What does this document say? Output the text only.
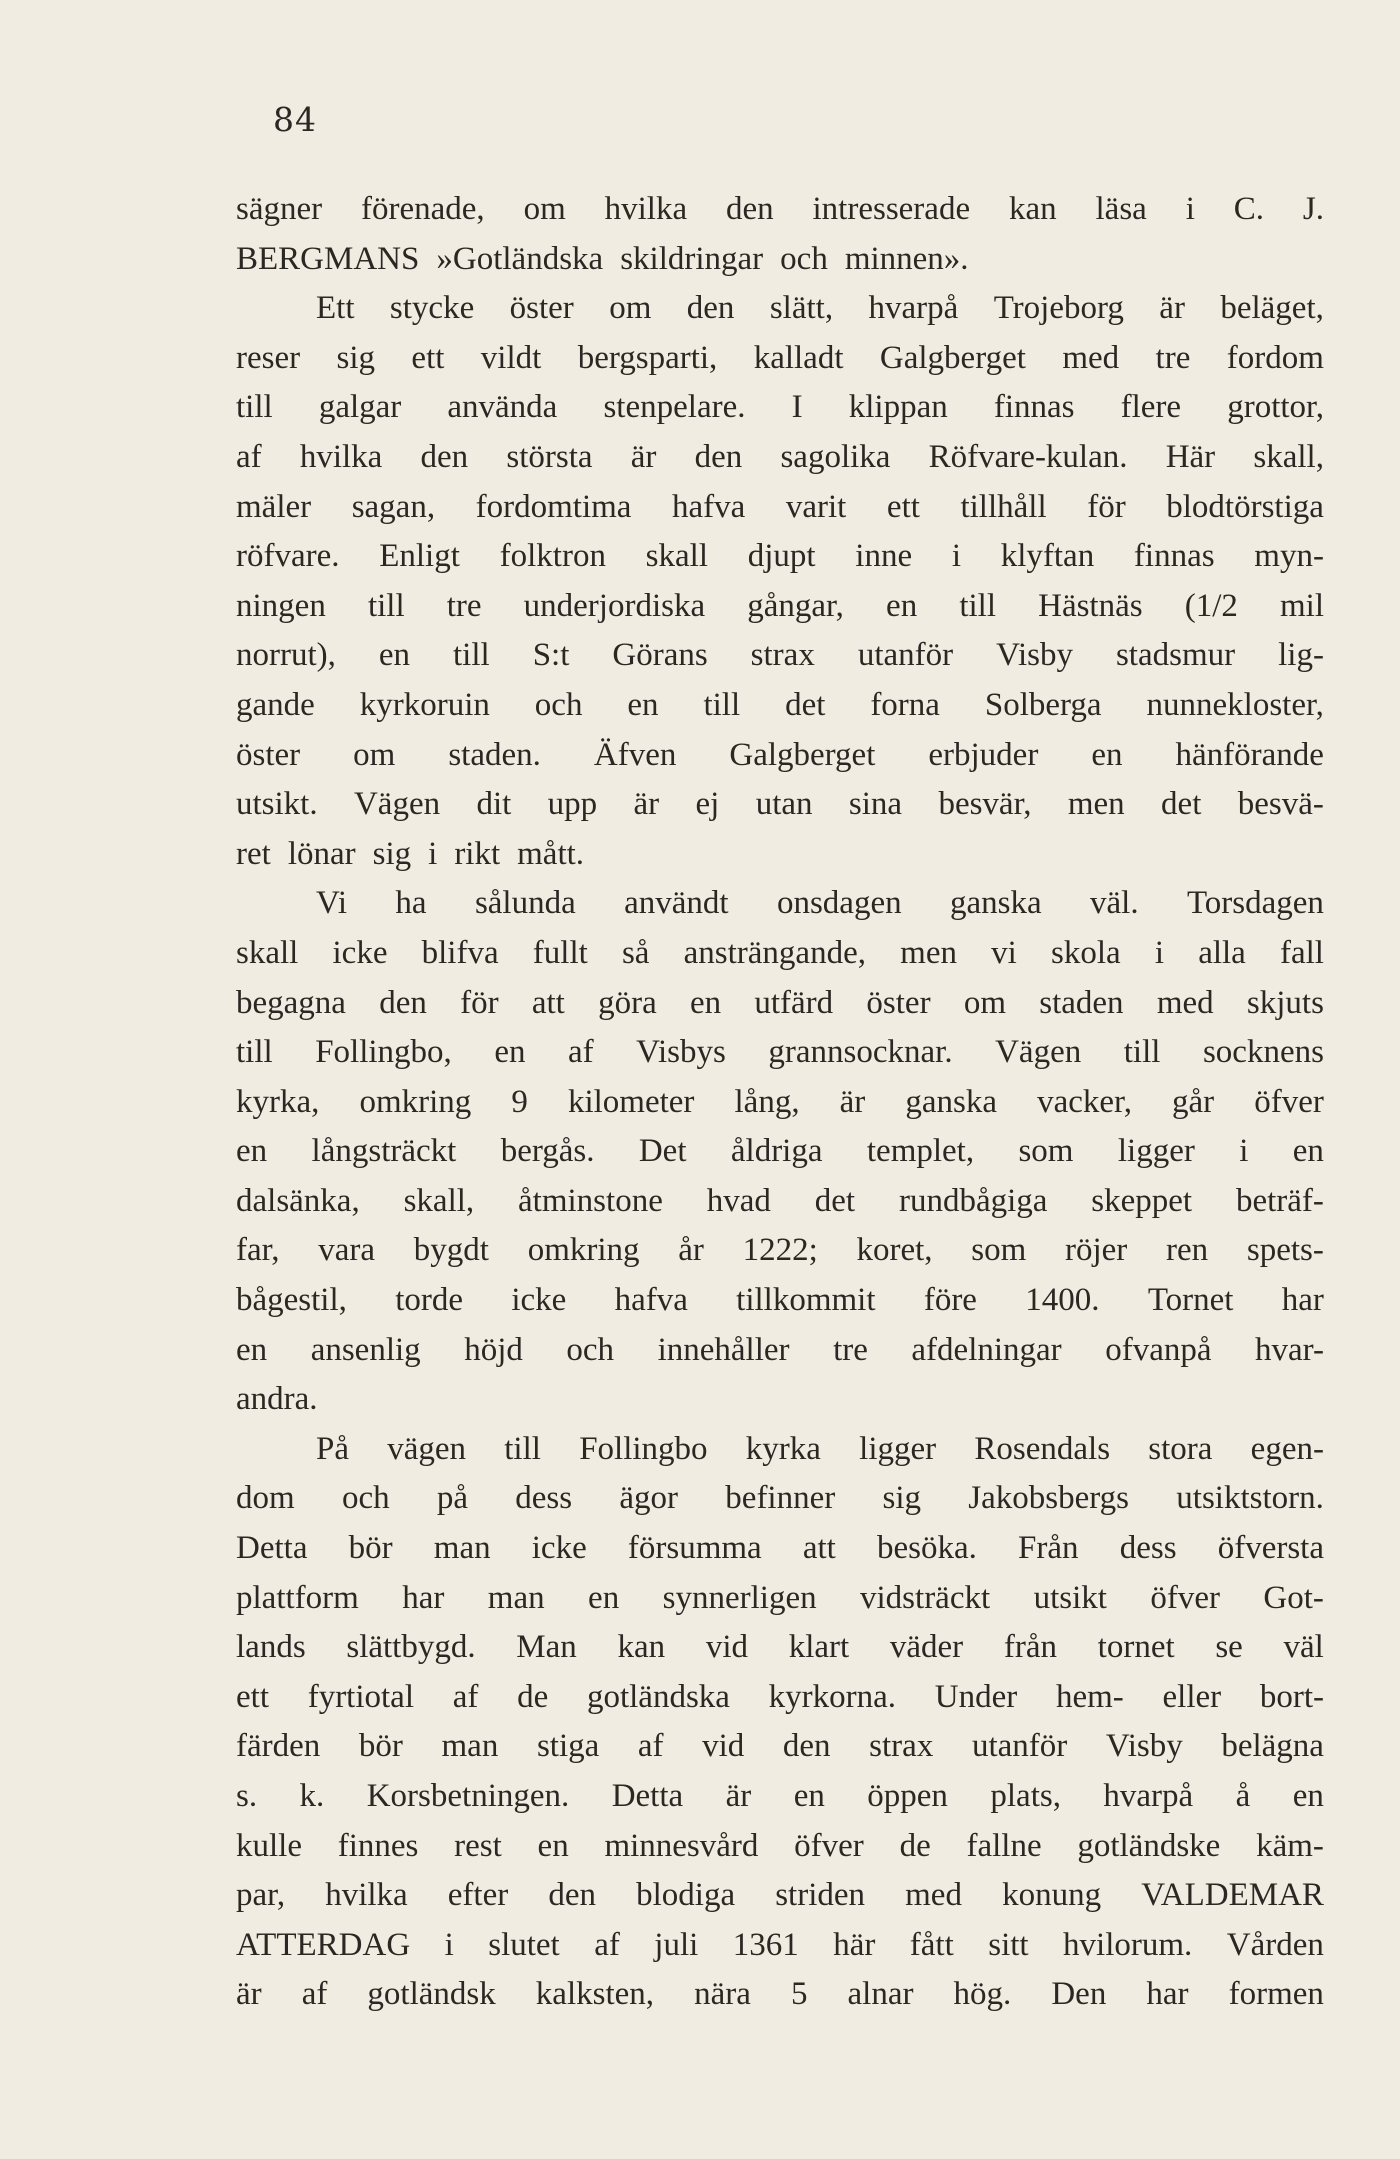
84
sägner förenade, om hvilka den intresserade kan läsa i C. J.
BERGMANS »Gotländska skildringar och minnen».
Ett stycke öster om den slätt, hvarpå Trojeborg är beläget,
reser sig ett vildt bergsparti, kalladt Galgberget med tre fordom
till galgar använda stenpelare. I klippan finnas flere grottor,
af hvilka den största är den sagolika Röfvare-kulan. Här skall,
mäler sagan, fordomtima hafva varit ett tillhåll för blodtörstiga
röfvare. Enligt folktron skall djupt inne i klyftan finnas myn-
ningen till tre underjordiska gångar, en till Hästnäs (1/2 mil
norrut), en till S:t Görans strax utanför Visby stadsmur lig-
gande kyrkoruin och en till det forna Solberga nunnekloster,
öster om staden. Äfven Galgberget erbjuder en hänförande
utsikt. Vägen dit upp är ej utan sina besvär, men det besvä-
ret lönar sig i rikt mått.
Vi ha sålunda användt onsdagen ganska väl. Torsdagen
skall icke blifva fullt så ansträngande, men vi skola i alla fall
begagna den för att göra en utfärd öster om staden med skjuts
till Follingbo, en af Visbys grannsocknar. Vägen till socknens
kyrka, omkring 9 kilometer lång, är ganska vacker, går öfver
en långsträckt bergås. Det åldriga templet, som ligger i en
dalsänka, skall, åtminstone hvad det rundbågiga skeppet beträf-
far, vara bygdt omkring år 1222; koret, som röjer ren spets-
bågestil, torde icke hafva tillkommit före 1400. Tornet har
en ansenlig höjd och innehåller tre afdelningar ofvanpå hvar-
andra.
På vägen till Follingbo kyrka ligger Rosendals stora egen-
dom och på dess ägor befinner sig Jakobsbergs utsiktstorn.
Detta bör man icke försumma att besöka. Från dess öfversta
plattform har man en synnerligen vidsträckt utsikt öfver Got-
lands slättbygd. Man kan vid klart väder från tornet se väl
ett fyrtiotal af de gotländska kyrkorna. Under hem- eller bort-
färden bör man stiga af vid den strax utanför Visby belägna
s. k. Korsbetningen. Detta är en öppen plats, hvarpå å en
kulle finnes rest en minnesvård öfver de fallne gotländske käm-
par, hvilka efter den blodiga striden med konung VALDEMAR
ATTERDAG i slutet af juli 1361 här fått sitt hvilorum. Vården
är af gotländsk kalksten, nära 5 alnar hög. Den har formen
